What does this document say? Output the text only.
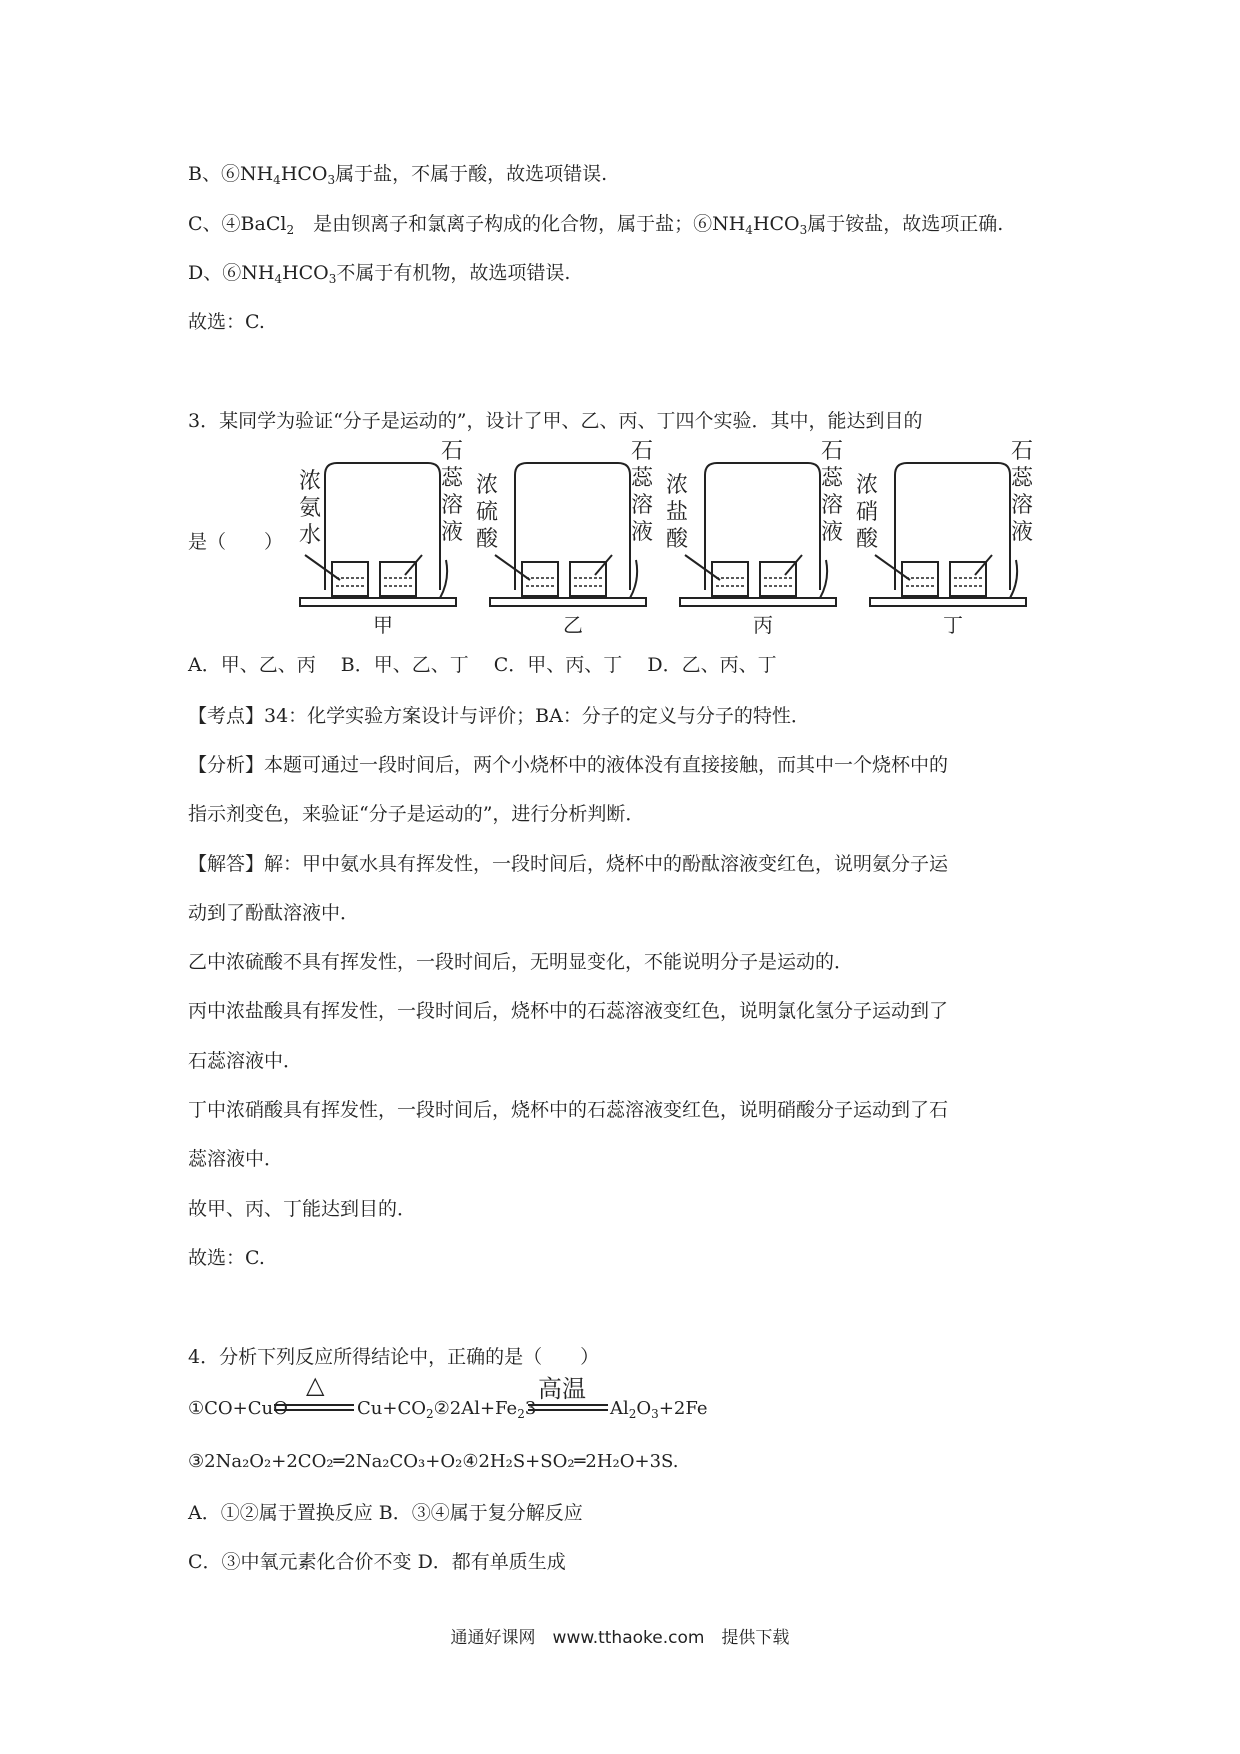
B、$⑥NH_4HCO_3$属于盐，不属于酸，故选项错误.
C、④BaCl$_2$　是由钡离子和氯离子构成的化合物，属于盐；$⑥NH_4HCO_3$属于铵盐，故选项正确.
D、$⑥NH_4HCO_3$不属于有机物，故选项错误.
故选：C.
3．某同学为验证“分子是运动的”，设计了甲、乙、丙、丁四个实验．其中，能达到目的
是（　　）
浓
氨
水
石
蕊
溶
液
甲
浓
硫
酸
石
蕊
溶
液
乙
浓
盐
酸
石
蕊
溶
液
丙
浓
硝
酸
石
蕊
溶
液
丁
A．甲、乙、丙　 B．甲、乙、丁　 C．甲、丙、丁　 D．乙、丙、丁
【考点】34：化学实验方案设计与评价；BA：分子的定义与分子的特性．
【分析】本题可通过一段时间后，两个小烧杯中的液体没有直接接触，而其中一个烧杯中的
指示剂变色，来验证“分子是运动的”，进行分析判断．
【解答】解：甲中氨水具有挥发性，一段时间后，烧杯中的酚酞溶液变红色，说明氨分子运
动到了酚酞溶液中．
乙中浓硫酸不具有挥发性，一段时间后，无明显变化，不能说明分子是运动的．
丙中浓盐酸具有挥发性，一段时间后，烧杯中的石蕊溶液变红色，说明氯化氢分子运动到了
石蕊溶液中．
丁中浓硝酸具有挥发性，一段时间后，烧杯中的石蕊溶液变红色，说明硝酸分子运动到了石
蕊溶液中．
故甲、丙、丁能达到目的．
故选：C.
4．分析下列反应所得结论中，正确的是（　　）
①CO+CuO
△
$Cu+CO_2②2Al+Fe_23$
高温
$Al_2O_3+2Fe$
③2Na₂O₂+2CO₂═2Na₂CO₃+O₂④2H₂S+SO₂═2H₂O+3S.
A．①②属于置换反应 B．③④属于复分解反应
C．③中氧元素化合价不变 D．都有单质生成
通通好课网　www.tthaoke.com　提供下载
